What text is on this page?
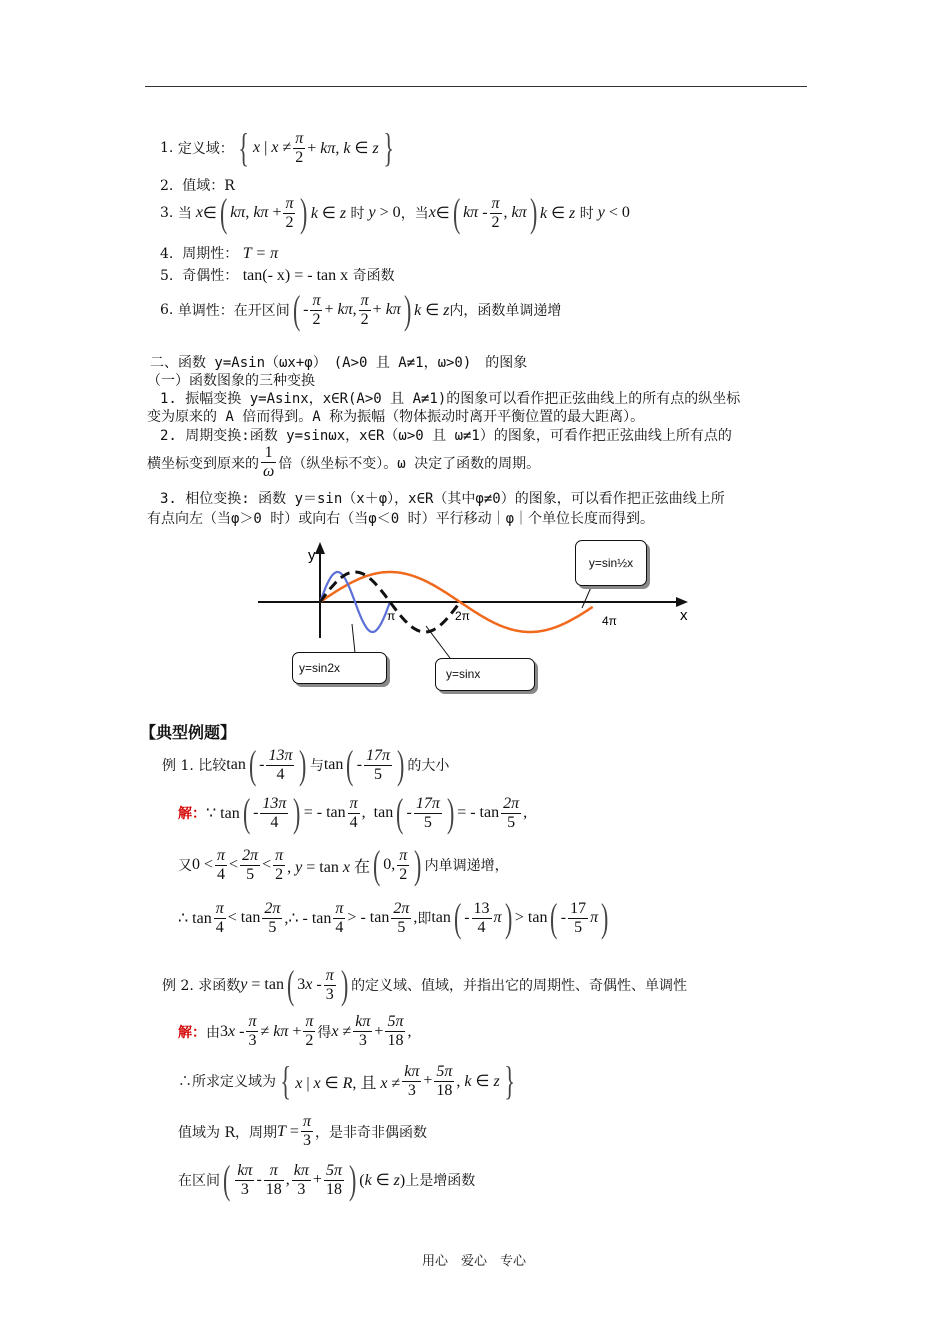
1.
定义域： { x | $x \ne \frac{\pi}{2} + k\pi$, k ∈ z }
2. 值域：R
3.
当 x ∈ ( kπ, $k\pi + \frac{\pi}{2}$ ) k ∈ z
时 y > 0 ，当 x ∈ ( kπ - $\frac{\pi}{2}$ , kπ ) k ∈ z
时 y < 0
4. 周期性： T = π
5. 奇偶性： tan(- x) = - tan x 奇函数
6.
单调性：在开区间 ( - $\frac{\pi}{2} + k\pi$, $\frac{\pi}{2} + k\pi$ ) k ∈ z 内，函数单调递增
二、函数 y=Asin（ωx+φ）　(A>0 且 A≠1，ω>0)　的图象
（一）函数图象的三种变换
1. 振幅变换 y=Asinx，x∈R(A>0 且 A≠1)的图象可以看作把正弦曲线上的所有点的纵坐标
变为原来的 A 倍而得到。A 称为振幅（物体振动时离开平衡位置的最大距离）。
2. 周期变换:函数 y=sinωx，x∈R（ω>0 且 ω≠1）的图象，可看作把正弦曲线上所有点的
横坐标变到原来的 $\frac{1}{\omega}$ 倍（纵坐标不变）。ω 决定了函数的周期。
3. 相位变换: 函数 y＝sin（x＋φ），x∈R（其中φ≠0）的图象，可以看作把正弦曲线上所
有点向左（当φ＞0 时）或向右（当φ＜0 时）平行移动｜φ｜个单位长度而得到。
y
x
π	2π	4π
y=sin½x
y=sin2x	y=sinx
【典型例题】
例 1. 比较 tan ( - $\frac{13\pi}{4}$ ) 与 tan ( - $\frac{17\pi}{5}$ ) 的大小
解： ∵ tan ( - $\frac{13\pi}{4}$ ) = - $\tan \frac{\pi}{4}$ ,  tan ( - $\frac{17\pi}{5}$ ) = - $\tan \frac{2\pi}{5}$ ,
又 $0 < \frac{\pi}{4} < \frac{2\pi}{5} < \frac{\pi}{2}$ , y = tan x 在 ( 0, $\frac{\pi}{2}$ ) 内单调递增，
∴ $\tan \frac{\pi}{4} < \tan \frac{2\pi}{5}$ ,∴ - $\tan \frac{\pi}{4}$ > - $\tan \frac{2\pi}{5}$ , 即 tan ( - $\frac{13}{4}$ π ) > tan ( - $\frac{17}{5}$ π )
例 2. 求函数 y = tan ( $3x - \frac{\pi}{3}$ ) 的定义域、值域，并指出它的周期性、奇偶性、单调性
解： 由 $3x - \frac{\pi}{3} \ne k\pi + \frac{\pi}{2}$ 得 $x \ne \frac{k\pi}{3} + \frac{5\pi}{18}$ ,
∴所求定义域为 { x | x ∈ R, 且 $x \ne \frac{k\pi}{3} + \frac{5\pi}{18}$ , k ∈ z }
值域为 R，周期 $T = \frac{\pi}{3}$ ，是非奇非偶函数
在区间 ( $\frac{k\pi}{3} - \frac{\pi}{18}$ , $\frac{k\pi}{3} + \frac{5\pi}{18}$ ) (k ∈ z) 上是增函数
用心　爱心　专心
